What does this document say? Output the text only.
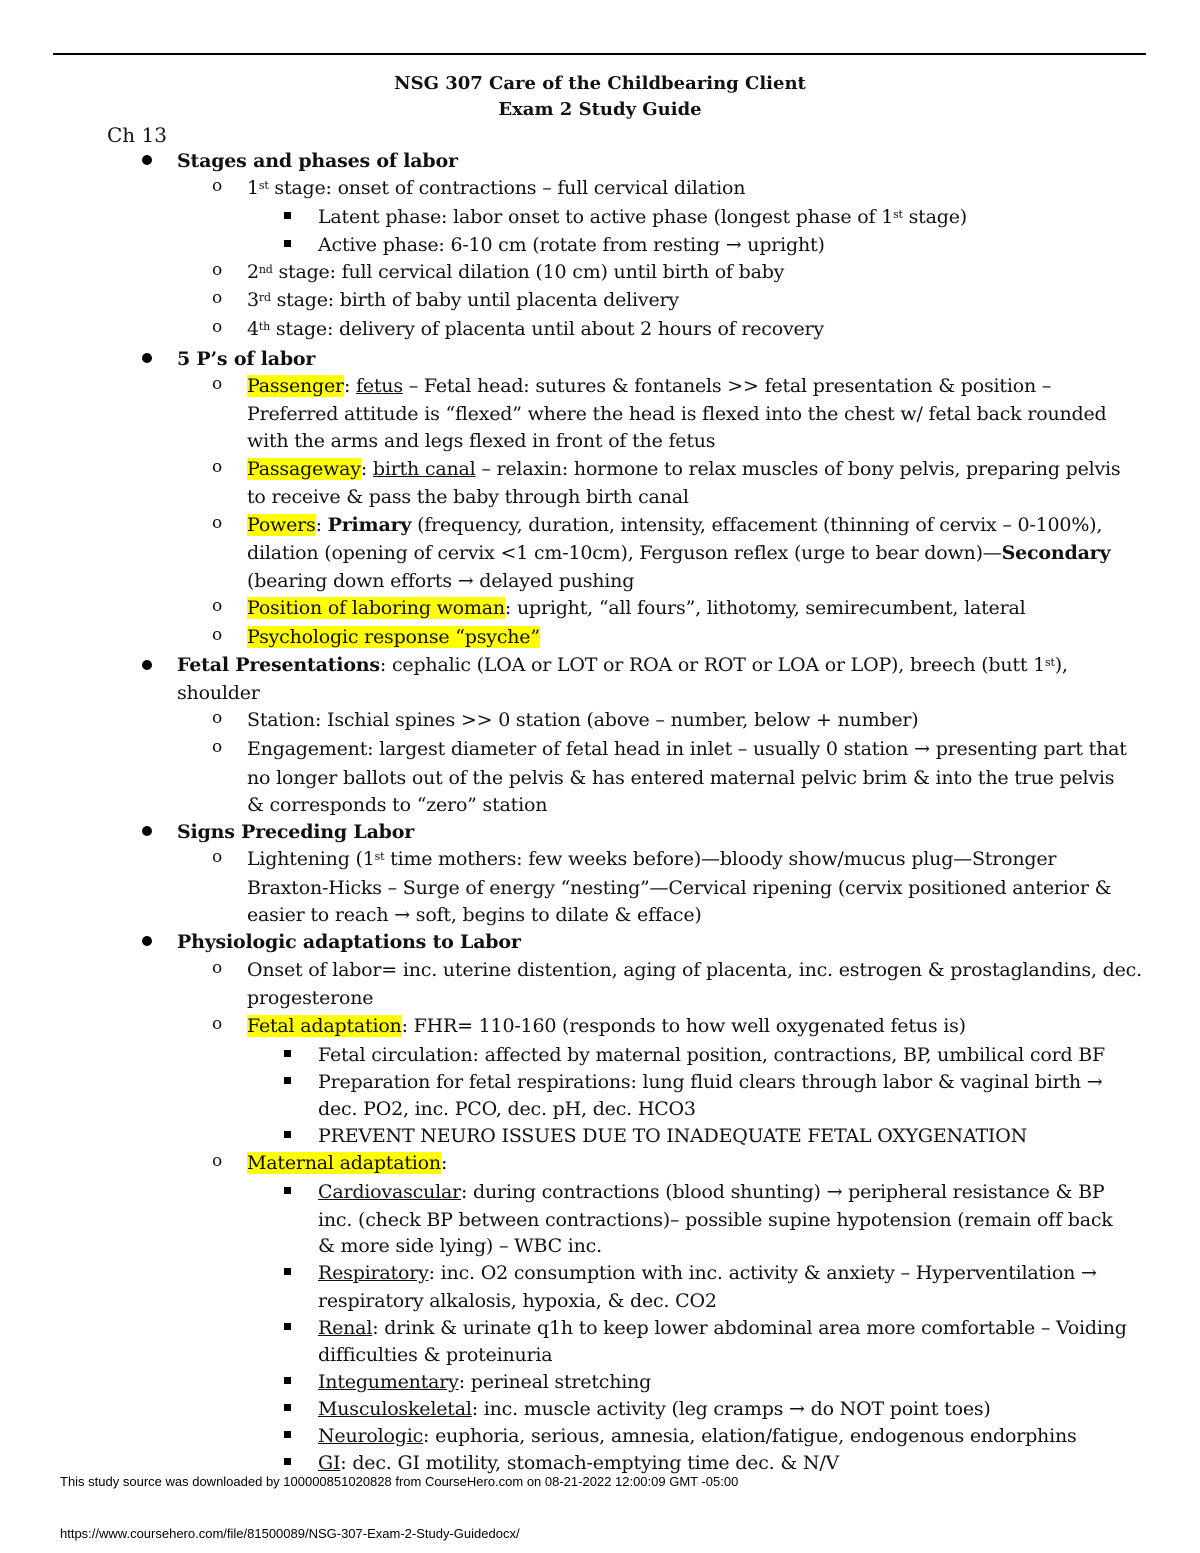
NSG 307 Care of the Childbearing Client
Exam 2 Study Guide
Ch 13
Stages and phases of labor
o 1st stage: onset of contractions – full cervical dilation
Latent phase: labor onset to active phase (longest phase of 1st stage)
Active phase: 6-10 cm (rotate from resting → upright)
o 2nd stage: full cervical dilation (10 cm) until birth of baby
o 3rd stage: birth of baby until placenta delivery
o 4th stage: delivery of placenta until about 2 hours of recovery
5 P’s of labor
o Passenger: fetus – Fetal head: sutures & fontanels >> fetal presentation & position –
Preferred attitude is “flexed” where the head is flexed into the chest w/ fetal back rounded
with the arms and legs flexed in front of the fetus
o Passageway: birth canal – relaxin: hormone to relax muscles of bony pelvis, preparing pelvis
to receive & pass the baby through birth canal
o Powers: Primary (frequency, duration, intensity, effacement (thinning of cervix – 0-100%),
dilation (opening of cervix <1 cm-10cm), Ferguson reflex (urge to bear down)—Secondary
(bearing down efforts → delayed pushing
o Position of laboring woman: upright, “all fours”, lithotomy, semirecumbent, lateral
o Psychologic response “psyche”
Fetal Presentations: cephalic (LOA or LOT or ROA or ROT or LOA or LOP), breech (butt 1st),
shoulder
o Station: Ischial spines >> 0 station (above – number, below + number)
o Engagement: largest diameter of fetal head in inlet – usually 0 station → presenting part that
no longer ballots out of the pelvis & has entered maternal pelvic brim & into the true pelvis
& corresponds to “zero” station
Signs Preceding Labor
o Lightening (1st time mothers: few weeks before)—bloody show/mucus plug—Stronger
Braxton-Hicks – Surge of energy “nesting”—Cervical ripening (cervix positioned anterior &
easier to reach → soft, begins to dilate & efface)
Physiologic adaptations to Labor
o Onset of labor= inc. uterine distention, aging of placenta, inc. estrogen & prostaglandins, dec.
progesterone
o Fetal adaptation: FHR= 110-160 (responds to how well oxygenated fetus is)
Fetal circulation: affected by maternal position, contractions, BP, umbilical cord BF
Preparation for fetal respirations: lung fluid clears through labor & vaginal birth →
dec. PO2, inc. PCO, dec. pH, dec. HCO3
PREVENT NEURO ISSUES DUE TO INADEQUATE FETAL OXYGENATION
o Maternal adaptation:
Cardiovascular: during contractions (blood shunting) → peripheral resistance & BP
inc. (check BP between contractions)– possible supine hypotension (remain off back
& more side lying) – WBC inc.
Respiratory: inc. O2 consumption with inc. activity & anxiety – Hyperventilation →
respiratory alkalosis, hypoxia, & dec. CO2
Renal: drink & urinate q1h to keep lower abdominal area more comfortable – Voiding
difficulties & proteinuria
Integumentary: perineal stretching
Musculoskeletal: inc. muscle activity (leg cramps → do NOT point toes)
Neurologic: euphoria, serious, amnesia, elation/fatigue, endogenous endorphins
GI: dec. GI motility, stomach-emptying time dec. & N/V
This study source was downloaded by 100000851020828 from CourseHero.com on 08-21-2022 12:00:09 GMT -05:00
https://www.coursehero.com/file/81500089/NSG-307-Exam-2-Study-Guidedocx/
